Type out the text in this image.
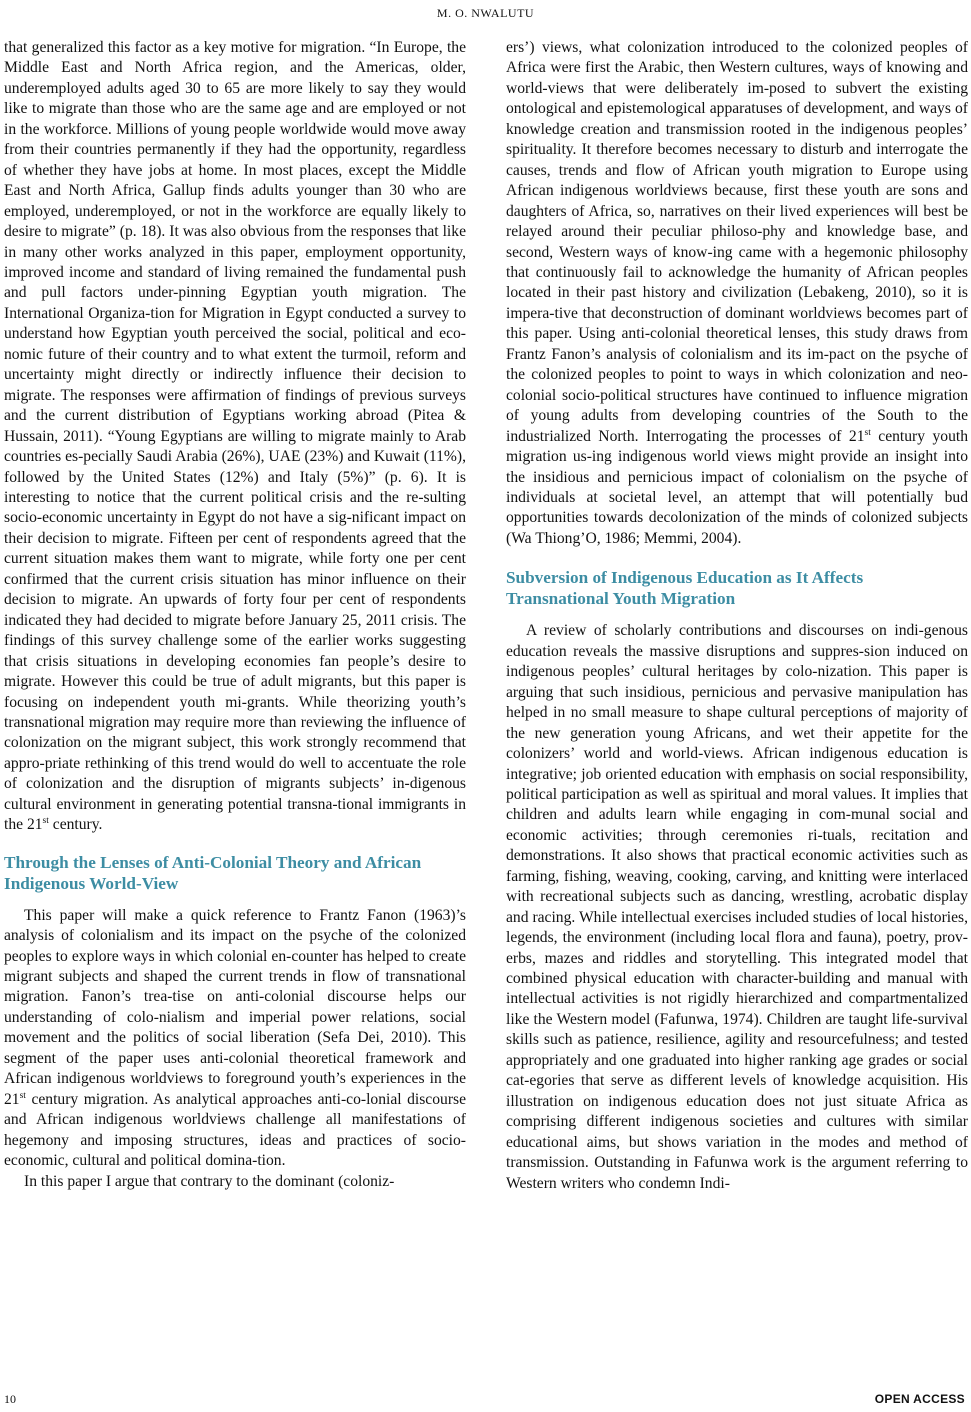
M. O. NWALUTU

that generalized this factor as a key motive for migration. “In Europe, the Middle East and North Africa region, and the Americas, older, underemployed adults aged 30 to 65 are more likely to say they would like to migrate than those who are the same age and are employed or not in the workforce. Millions of young people worldwide would move away from their countries permanently if they had the opportunity, regardless of whether they have jobs at home. In most places, except the Middle East and North Africa, Gallup finds adults younger than 30 who are employed, underemployed, or not in the workforce are equally likely to desire to migrate” (p. 18). It was also obvious from the responses that like in many other works analyzed in this paper, employment opportunity, improved income and standard of living remained the fundamental push and pull factors under-pinning Egyptian youth migration. The International Organiza-tion for Migration in Egypt conducted a survey to understand how Egyptian youth perceived the social, political and eco-nomic future of their country and to what extent the turmoil, reform and uncertainty might directly or indirectly influence their decision to migrate. The responses were affirmation of findings of previous surveys and the current distribution of Egyptians working abroad (Pitea & Hussain, 2011). “Young Egyptians are willing to migrate mainly to Arab countries es-pecially Saudi Arabia (26%), UAE (23%) and Kuwait (11%), followed by the United States (12%) and Italy (5%)” (p. 6). It is interesting to notice that the current political crisis and the re-sulting socio-economic uncertainty in Egypt do not have a sig-nificant impact on their decision to migrate. Fifteen per cent of respondents agreed that the current situation makes them want to migrate, while forty one per cent confirmed that the current crisis situation has minor influence on their decision to migrate. An upwards of forty four per cent of respondents indicated they had decided to migrate before January 25, 2011 crisis. The findings of this survey challenge some of the earlier works suggesting that crisis situations in developing economies fan people’s desire to migrate. However this could be true of adult migrants, but this paper is focusing on independent youth mi-grants. While theorizing youth’s transnational migration may require more than reviewing the influence of colonization on the migrant subject, this work strongly recommend that appro-priate rethinking of this trend would do well to accentuate the role of colonization and the disruption of migrants subjects’ in-digenous cultural environment in generating potential transna-tional immigrants in the 21st century.

Through the Lenses of Anti-Colonial Theory and African Indigenous World-View

This paper will make a quick reference to Frantz Fanon (1963)’s analysis of colonialism and its impact on the psyche of the colonized peoples to explore ways in which colonial en-counter has helped to create migrant subjects and shaped the current trends in flow of transnational migration. Fanon’s trea-tise on anti-colonial discourse helps our understanding of colo-nialism and imperial power relations, social movement and the politics of social liberation (Sefa Dei, 2010). This segment of the paper uses anti-colonial theoretical framework and African indigenous worldviews to foreground youth’s experiences in the 21st century migration. As analytical approaches anti-co-lonial discourse and African indigenous worldviews challenge all manifestations of hegemony and imposing structures, ideas and practices of socio-economic, cultural and political domina-tion.

In this paper I argue that contrary to the dominant (coloniz-

ers’) views, what colonization introduced to the colonized peoples of Africa were first the Arabic, then Western cultures, ways of knowing and world-views that were deliberately im-posed to subvert the existing ontological and epistemological apparatuses of development, and ways of knowledge creation and transmission rooted in the indigenous peoples’ spirituality. It therefore becomes necessary to disturb and interrogate the causes, trends and flow of African youth migration to Europe using African indigenous worldviews because, first these youth are sons and daughters of Africa, so, narratives on their lived experiences will best be relayed around their peculiar philoso-phy and knowledge base, and second, Western ways of know-ing came with a hegemonic philosophy that continuously fail to acknowledge the humanity of African peoples located in their past history and civilization (Lebakeng, 2010), so it is impera-tive that deconstruction of dominant worldviews becomes part of this paper. Using anti-colonial theoretical lenses, this study draws from Frantz Fanon’s analysis of colonialism and its im-pact on the psyche of the colonized peoples to point to ways in which colonization and neo-colonial socio-political structures have continued to influence migration of young adults from developing countries of the South to the industrialized North. Interrogating the processes of 21st century youth migration us-ing indigenous world views might provide an insight into the insidious and pernicious impact of colonialism on the psyche of individuals at societal level, an attempt that will potentially bud opportunities towards decolonization of the minds of colonized subjects (Wa Thiong’O, 1986; Memmi, 2004).

Subversion of Indigenous Education as It Affects Transnational Youth Migration

A review of scholarly contributions and discourses on indi-genous education reveals the massive disruptions and suppres-sion induced on indigenous peoples’ cultural heritages by colo-nization. This paper is arguing that such insidious, pernicious and pervasive manipulation has helped in no small measure to shape cultural perceptions of majority of the new generation young Africans, and wet their appetite for the colonizers’ world and world-views. African indigenous education is integrative; job oriented education with emphasis on social responsibility, political participation as well as spiritual and moral values. It implies that children and adults learn while engaging in com-munal social and economic activities; through ceremonies ri-tuals, recitation and demonstrations. It also shows that practical economic activities such as farming, fishing, weaving, cooking, carving, and knitting were interlaced with recreational subjects such as dancing, wrestling, acrobatic display and racing. While intellectual exercises included studies of local histories, legends, the environment (including local flora and fauna), poetry, prov-erbs, mazes and riddles and storytelling. This integrated model that combined physical education with character-building and manual with intellectual activities is not rigidly hierarchized and compartmentalized like the Western model (Fafunwa, 1974). Children are taught life-survival skills such as patience, resilience, agility and resourcefulness; and tested appropriately and one graduated into higher ranking age grades or social cat-egories that serve as different levels of knowledge acquisition. His illustration on indigenous education does not just situate Africa as comprising different indigenous societies and cultures with similar educational aims, but shows variation in the modes and method of transmission. Outstanding in Fafunwa work is the argument referring to Western writers who condemn Indi-

10	OPEN ACCESS
